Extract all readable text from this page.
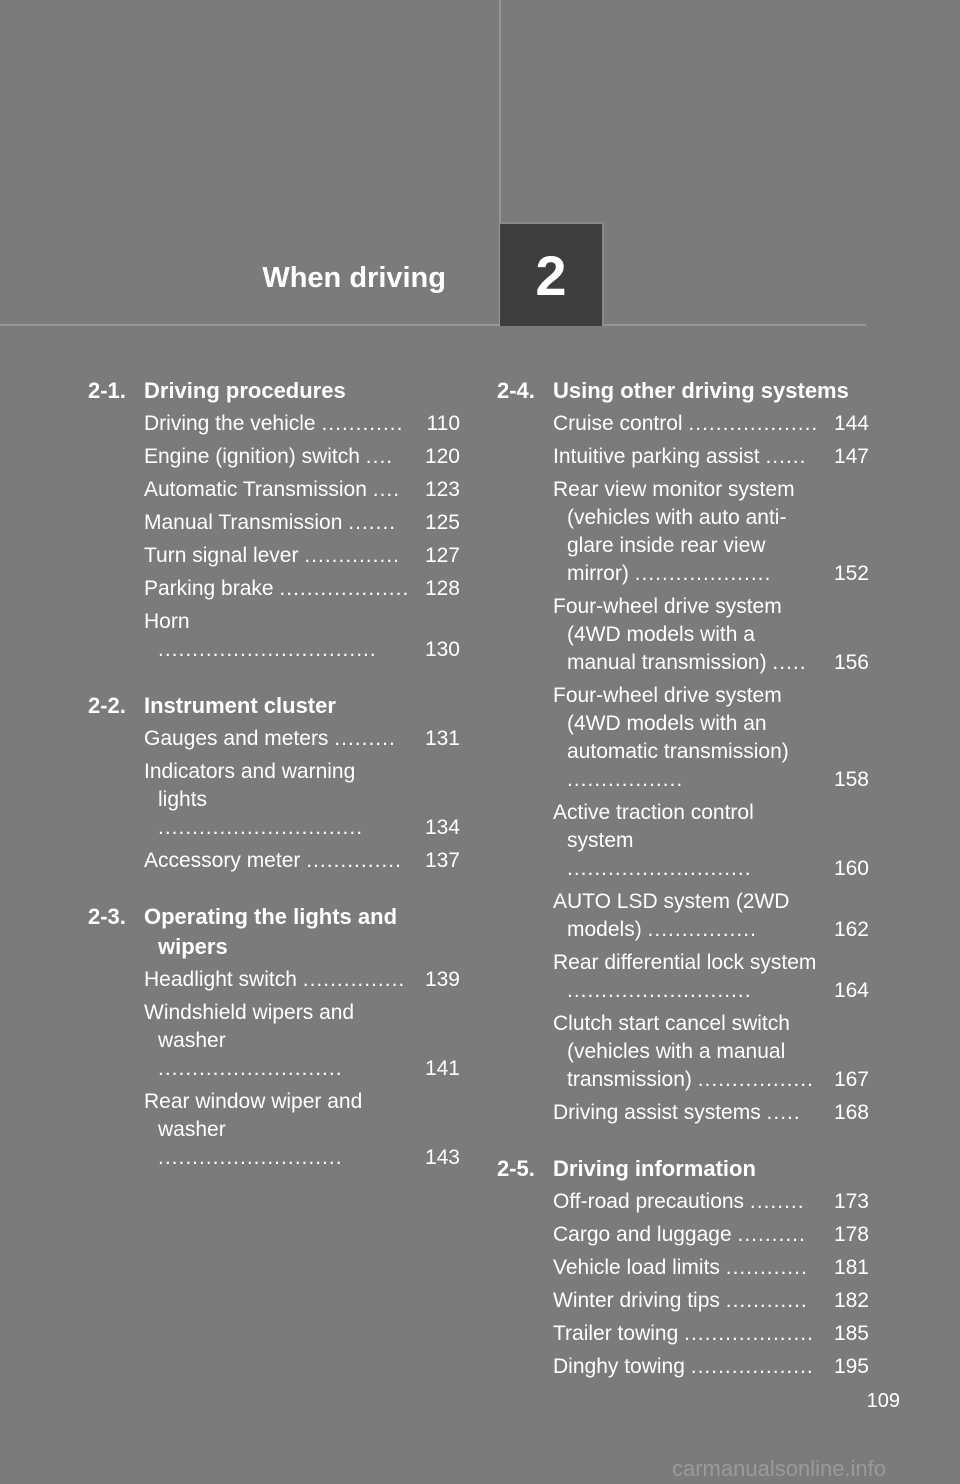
When driving 2
2-1. Driving procedures
Driving the vehicle ............	110
Engine (ignition) switch ....	120
Automatic Transmission ....	123
Manual Transmission .......	125
Turn signal lever ..............	127
Parking brake ................... 128
Horn ................................	130
2-2. Instrument cluster
Gauges and meters .........	131
Indicators and warning lights ..............................	134
Accessory meter ..............	137
2-3. Operating the lights and wipers
Headlight switch ............... 139
Windshield wipers and washer ...........................	141
Rear window wiper and washer ...........................	143
2-4. Using other driving systems
Cruise control ................... 144
Intuitive parking assist ......	147
Rear view monitor system (vehicles with auto anti-glare inside rear view mirror) ....................	152
Four-wheel drive system (4WD models with a manual transmission) .....	156
Four-wheel drive system (4WD models with an automatic transmission) .................	158
Active traction control system ...........................	160
AUTO LSD system (2WD models) ................	162
Rear differential lock system ...........................	164
Clutch start cancel switch (vehicles with a manual transmission) ................. 167
Driving assist systems .....	168
2-5. Driving information
Off-road precautions ........	173
Cargo and luggage ..........	178
Vehicle load limits ............	181
Winter driving tips ............	182
Trailer towing ................... 185
Dinghy towing .................. 195
109
carmanualsonline.info
